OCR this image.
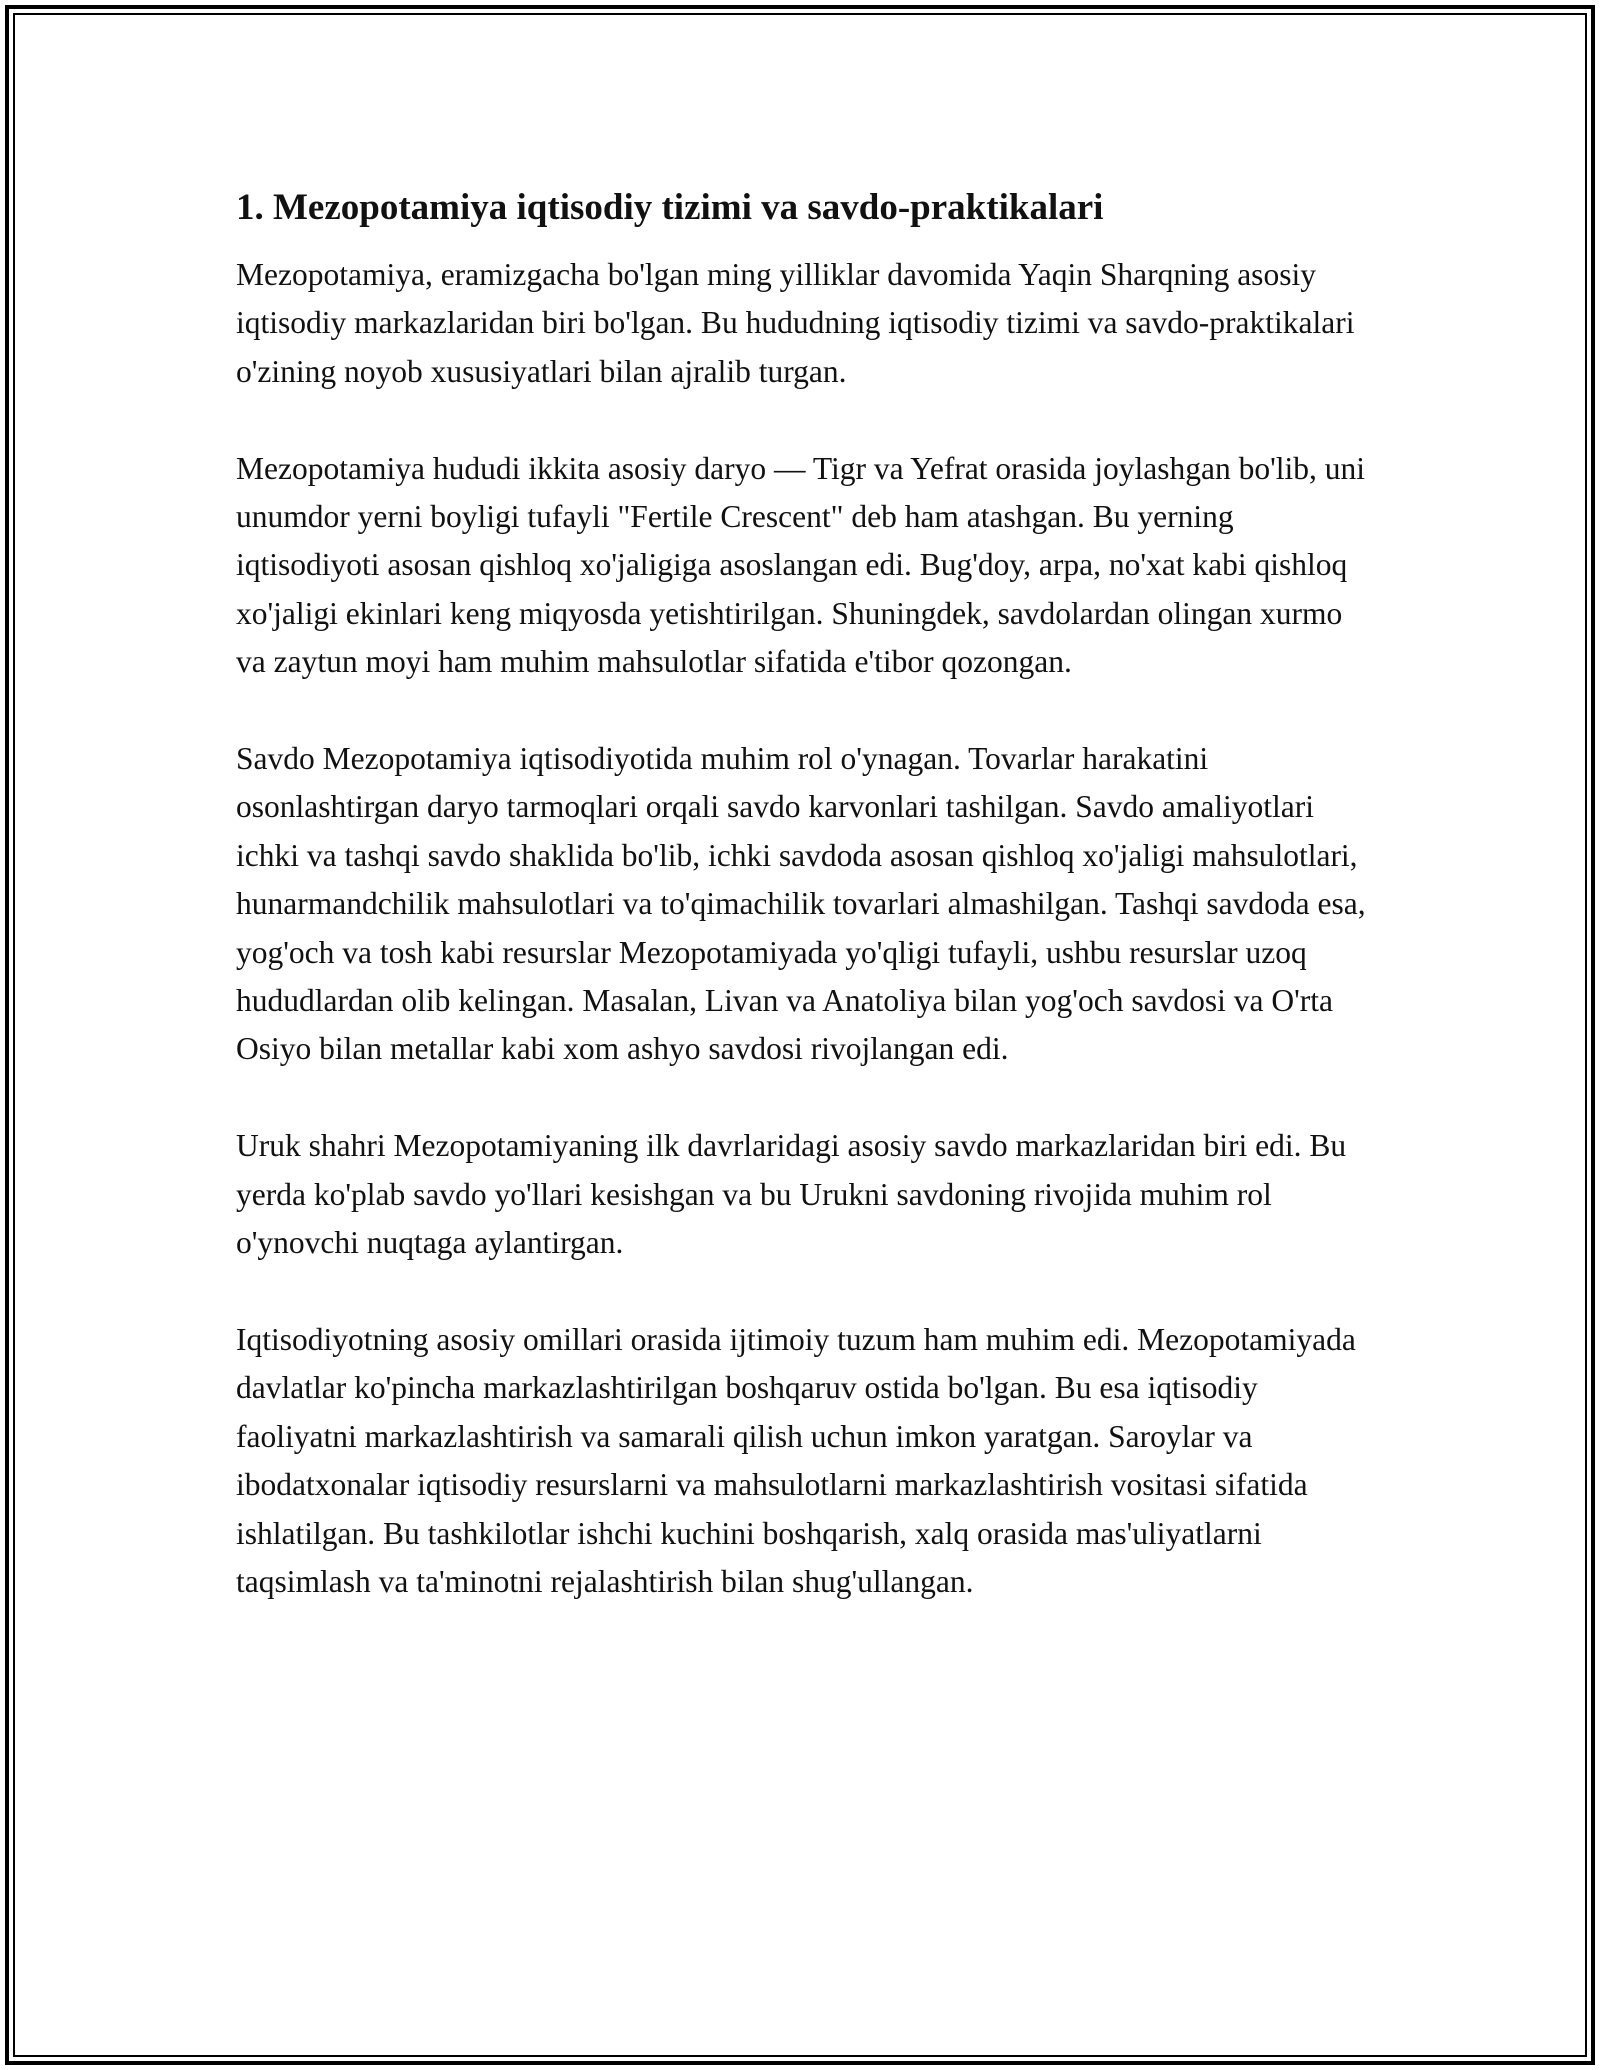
1. Mezopotamiya iqtisodiy tizimi va savdo-praktikalari

Mezopotamiya, eramizgacha bo'lgan ming yilliklar davomida Yaqin Sharqning asosiy iqtisodiy markazlaridan biri bo'lgan. Bu hududning iqtisodiy tizimi va savdo-praktikalari o'zining noyob xususiyatlari bilan ajralib turgan.

Mezopotamiya hududi ikkita asosiy daryo — Tigr va Yefrat orasida joylashgan bo'lib, uni unumdor yerni boyligi tufayli "Fertile Crescent" deb ham atashgan. Bu yerning iqtisodiyoti asosan qishloq xo'jaligiga asoslangan edi. Bug'doy, arpa, no'xat kabi qishloq xo'jaligi ekinlari keng miqyosda yetishtirilgan. Shuningdek, savdolardan olingan xurmo va zaytun moyi ham muhim mahsulotlar sifatida e'tibor qozongan.

Savdo Mezopotamiya iqtisodiyotida muhim rol o'ynagan. Tovarlar harakatini osonlashtirgan daryo tarmoqlari orqali savdo karvonlari tashilgan. Savdo amaliyotlari ichki va tashqi savdo shaklida bo'lib, ichki savdoda asosan qishloq xo'jaligi mahsulotlari, hunarmandchilik mahsulotlari va to'qimachilik tovarlari almashilgan. Tashqi savdoda esa, yog'och va tosh kabi resurslar Mezopotamiyada yo'qligi tufayli, ushbu resurslar uzoq hududlardan olib kelingan. Masalan, Livan va Anatoliya bilan yog'och savdosi va O'rta Osiyo bilan metallar kabi xom ashyo savdosi rivojlangan edi.

Uruk shahri Mezopotamiyaning ilk davrlaridagi asosiy savdo markazlaridan biri edi. Bu yerda ko'plab savdo yo'llari kesishgan va bu Urukni savdoning rivojida muhim rol o'ynovchi nuqtaga aylantirgan.

Iqtisodiyotning asosiy omillari orasida ijtimoiy tuzum ham muhim edi. Mezopotamiyada davlatlar ko'pincha markazlashtirilgan boshqaruv ostida bo'lgan. Bu esa iqtisodiy faoliyatni markazlashtirish va samarali qilish uchun imkon yaratgan. Saroylar va ibodatxonalar iqtisodiy resurslarni va mahsulotlarni markazlashtirish vositasi sifatida ishlatilgan. Bu tashkilotlar ishchi kuchini boshqarish, xalq orasida mas'uliyatlarni taqsimlash va ta'minotni rejalashtirish bilan shug'ullangan.
